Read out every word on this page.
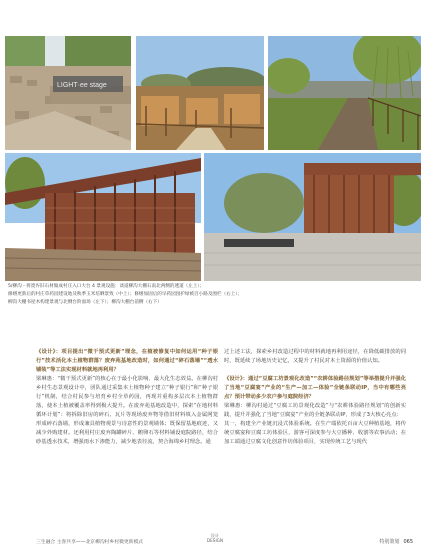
LIGHT·ee stage
5/柳沟 - 将废弃旧石材做成村庄入口大台 4 景观设施：谈道柳沟大棚石南北两侧的透道（左上）；
修缮更新后的村庄草药园建设地及秋季玉米培晒景致（中上）；修缮加固后的早药园园护绿被百小路及围栏（右上）；
柳沟大棚书屋木构建景观与北侧台阶面场（左下）；柳沟大棚台前侧（右下）

《设计》：项目提出“微干预式更新”理念，在植被修复中如何运用“种子银行”技术活化本土植物群落？废弃苑基地改造时，如何通过“碎石落墙”“透水铺装”等工法实现材料就地再利用？

梁琳惠：“微干预式更新”的核心在于最小化影响、最大化生态效益。在柳沟村乡村生态景观设计中，团队通过采集本土植物种子建立“种子银行”和“种子银行”机制，结合村民参与培育乡村全草药园，再现并重构多层次本土植物群落，使本土植被覆盖率得到极大提升。在废弃苑基地改造中，探索“在地材料循环计划”：将拆除旧房的碎石、瓦片等现场废弃物等借旧材料填入金属网笼形成碎石落墙，形成兼具植物观景与诗意性的景观墙体；既保留基地痕迹，又减少外购建材。还利用村庄废弃陶罐碎片、鹅卵石等材料铺设庭院路径，结合砂基透水技术，增强雨水下渗能力，减少地表径流，契合海绵乡村理念。通

过上述工法，探索乡村改造过程中的材料就地再利用途径，在降低碳排放的同时，既延续了场地历史记忆，又提升了村民对本土资源的价值认知。

《设计》：通过“豆腐工坊景观化改造”“农耕体验路径规划”等举措提升并强化了当地“豆腐宴”产业的“生产—加工—体验”全链条联动IP，当中有哪些亮点？预计带动多少农户参与庭院经济？

梁琳惠：柳沟村通过“豆腐工坊景观化改造”与“农耕体验路径规划”的创新实践，提升并强化了当地“豆腐宴”产业的全链条联动IP，形成了3大核心亮点：

其一，构建全产业链沉浸式体验系统。在生产端依托百亩大豆种植基地，将传统豆腐宴和豆腐工坊体验区，游客可深度参与大豆播种、收割等农事活动；在加工端通过豆腐文化创意作坊体验项目，实现传统工艺与现代

三生融合 主客共享——北京柳沟村乡村微更新模式
设计
DESIGN	特别策划 065
